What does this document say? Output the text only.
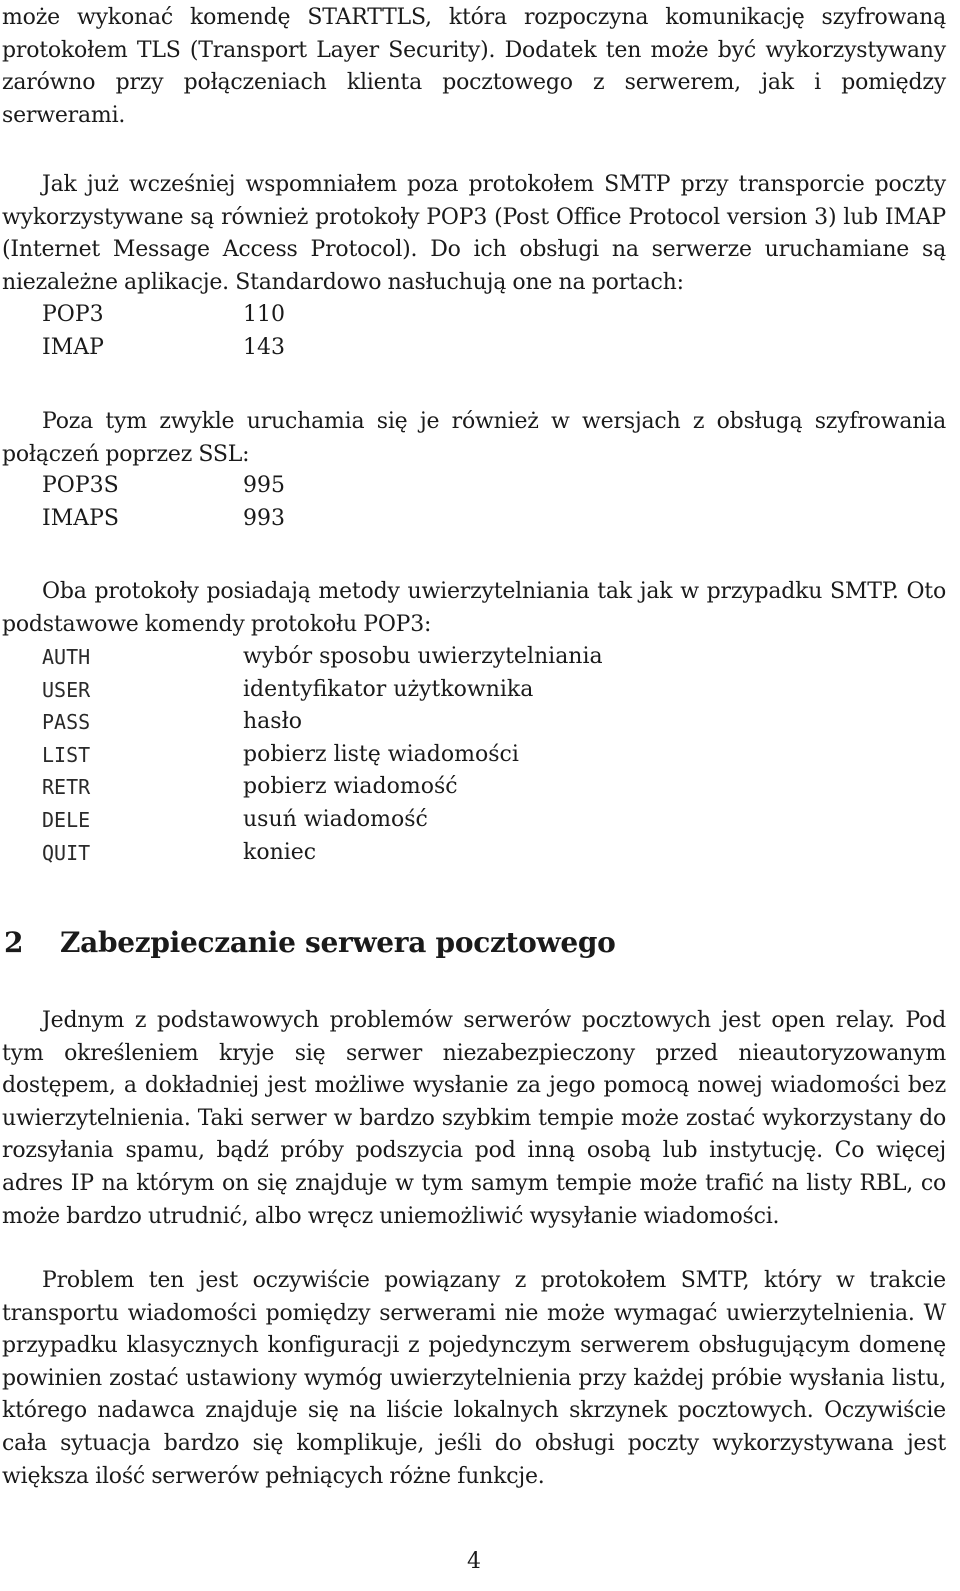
może wykonać komendę STARTTLS, która rozpoczyna komunikację szyfrowaną protokołem TLS (Transport Layer Security). Dodatek ten może być wykorzystywany zarówno przy połączeniach klienta pocztowego z serwerem, jak i pomiędzy serwerami.

Jak już wcześniej wspomniałem poza protokołem SMTP przy transporcie poczty wykorzystywane są również protokoły POP3 (Post Office Protocol version 3) lub IMAP (Internet Message Access Protocol). Do ich obsługi na serwerze uruchamiane są niezależne aplikacje. Standardowo nasłuchują one na portach:

POP3	110
IMAP	143

Poza tym zwykle uruchamia się je również w wersjach z obsługą szyfrowania połączeń poprzez SSL:

POP3S	995
IMAPS	993

Oba protokoły posiadają metody uwierzytelniania tak jak w przypadku SMTP. Oto podstawowe komendy protokołu POP3:

AUTH	wybór sposobu uwierzytelniania
USER	identyfikator użytkownika
PASS	hasło
LIST	pobierz listę wiadomości
RETR	pobierz wiadomość
DELE	usuń wiadomość
QUIT	koniec
2 Zabezpieczanie serwera pocztowego

Jednym z podstawowych problemów serwerów pocztowych jest open relay. Pod tym określeniem kryje się serwer niezabezpieczony przed nieautoryzowanym dostępem, a dokładniej jest możliwe wysłanie za jego pomocą nowej wiadomości bez uwierzytelnienia. Taki serwer w bardzo szybkim tempie może zostać wykorzystany do rozsyłania spamu, bądź próby podszycia pod inną osobą lub instytucję. Co więcej adres IP na którym on się znajduje w tym samym tempie może trafić na listy RBL, co może bardzo utrudnić, albo wręcz uniemożliwić wysyłanie wiadomości.

Problem ten jest oczywiście powiązany z protokołem SMTP, który w trakcie transportu wiadomości pomiędzy serwerami nie może wymagać uwierzytelnienia. W przypadku klasycznych konfiguracji z pojedynczym serwerem obsługującym domenę powinien zostać ustawiony wymóg uwierzytelnienia przy każdej próbie wysłania listu, którego nadawca znajduje się na liście lokalnych skrzynek pocztowych. Oczywiście cała sytuacja bardzo się komplikuje, jeśli do obsługi poczty wykorzystywana jest większa ilość serwerów pełniących różne funkcje.

4
